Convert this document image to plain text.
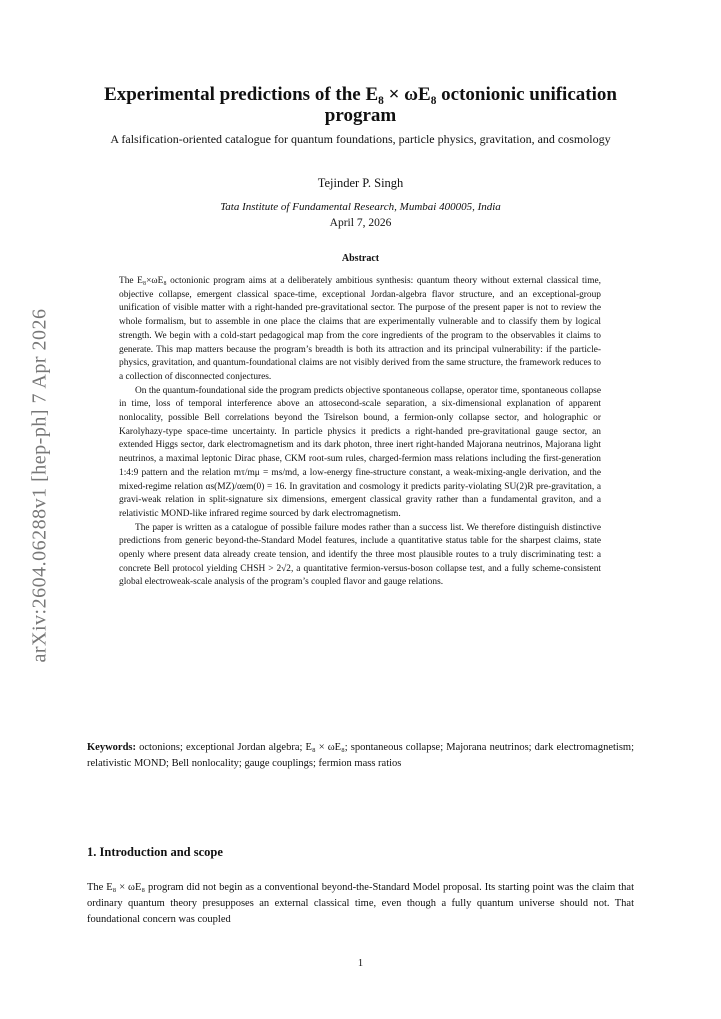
arXiv:2604.06288v1 [hep-ph] 7 Apr 2026
Experimental predictions of the E₈ × ωE₈ octonionic unification program
A falsification-oriented catalogue for quantum foundations, particle physics, gravitation, and cosmology
Tejinder P. Singh
Tata Institute of Fundamental Research, Mumbai 400005, India
April 7, 2026
Abstract

The E₈×ωE₈ octonionic program aims at a deliberately ambitious synthesis: quantum theory without external classical time, objective collapse, emergent classical space-time, exceptional Jordan-algebra flavor structure, and an exceptional-group unification of visible matter with a right-handed pre-gravitational sector. The purpose of the present paper is not to review the whole formalism, but to assemble in one place the claims that are experimentally vulnerable and to classify them by logical strength. We begin with a cold-start pedagogical map from the core ingredients of the program to the observables it claims to generate. This map matters because the program’s breadth is both its attraction and its principal vulnerability: if the particle-physics, gravitation, and quantum-foundational claims are not visibly derived from the same structure, the framework reduces to a collection of disconnected conjectures.

On the quantum-foundational side the program predicts objective spontaneous collapse, operator time, spontaneous collapse in time, loss of temporal interference above an attosecond-scale separation, a six-dimensional explanation of apparent nonlocality, possible Bell correlations beyond the Tsirelson bound, a fermion-only collapse sector, and holographic or Karolyhazy-type space-time uncertainty. In particle physics it predicts a right-handed pre-gravitational gauge sector, an extended Higgs sector, dark electromagnetism and its dark photon, three inert right-handed Majorana neutrinos, Majorana light neutrinos, a maximal leptonic Dirac phase, CKM root-sum rules, charged-fermion mass relations including the first-generation 1:4:9 pattern and the relation mτ/mμ = ms/md, a low-energy fine-structure constant, a weak-mixing-angle derivation, and the mixed-regime relation αs(MZ)/αem(0) = 16. In gravitation and cosmology it predicts parity-violating SU(2)R pre-gravitation, a gravi-weak relation in split-signature six dimensions, emergent classical gravity rather than a fundamental graviton, and a relativistic MOND-like infrared regime sourced by dark electromagnetism.

The paper is written as a catalogue of possible failure modes rather than a success list. We therefore distinguish distinctive predictions from generic beyond-the-Standard Model features, include a quantitative status table for the sharpest claims, state openly where present data already create tension, and identify the three most plausible routes to a truly discriminating test: a concrete Bell protocol yielding CHSH > 2√2, a quantitative fermion-versus-boson collapse test, and a fully scheme-consistent global electroweak-scale analysis of the program’s coupled flavor and gauge relations.

Keywords: octonions; exceptional Jordan algebra; E₈ × ωE₈; spontaneous collapse; Majorana neutrinos; dark electromagnetism; relativistic MOND; Bell nonlocality; gauge couplings; fermion mass ratios
1. Introduction and scope
The E₈ × ωE₈ program did not begin as a conventional beyond-the-Standard Model proposal. Its starting point was the claim that ordinary quantum theory presupposes an external classical time, even though a fully quantum universe should not. That foundational concern was coupled
1
